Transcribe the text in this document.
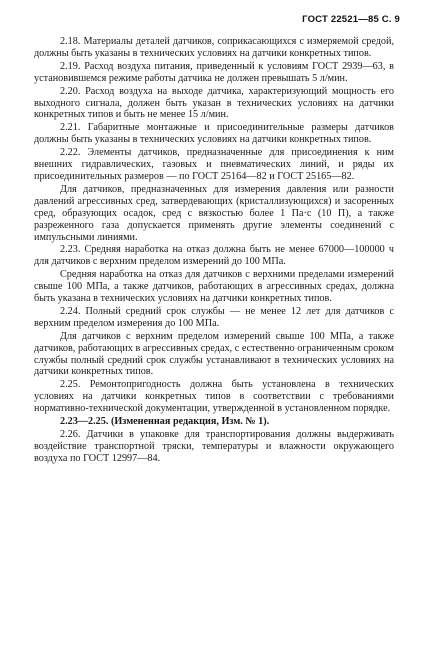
ГОСТ 22521—85 С. 9

2.18. Материалы деталей датчиков, соприкасающихся с измеряемой средой, должны быть указаны в технических условиях на датчики конкретных типов.

2.19. Расход воздуха питания, приведенный к условиям ГОСТ 2939—63, в установившемся режиме работы датчика не должен превышать 5 л/мин.

2.20. Расход воздуха на выходе датчика, характеризующий мощность его выходного сигнала, должен быть указан в технических условиях на датчики конкретных типов и быть не менее 15 л/мин.

2.21. Габаритные монтажные и присоединительные размеры датчиков должны быть указаны в технических условиях на датчики конкретных типов.

2.22. Элементы датчиков, предназначенные для присоединения к ним внешних гидравлических, газовых и пневматических линий, и ряды их присоединительных размеров — по ГОСТ 25164—82 и ГОСТ 25165—82.

Для датчиков, предназначенных для измерения давления или разности давлений агрессивных сред, затвердевающих (кристаллизующихся) и засоренных сред, образующих осадок, сред с вязкостью более 1 Па·с (10 П), а также разреженного газа допускается применять другие элементы соединений с импульсными линиями.

2.23. Средняя наработка на отказ должна быть не менее 67000—100000 ч для датчиков с верхним пределом измерений до 100 МПа.

Средняя наработка на отказ для датчиков с верхними пределами измерений свыше 100 МПа, а также датчиков, работающих в агрессивных средах, должна быть указана в технических условиях на датчики конкретных типов.

2.24. Полный средний срок службы — не менее 12 лет для датчиков с верхним пределом измерения до 100 МПа.

Для датчиков с верхним пределом измерений свыше 100 МПа, а также датчиков, работающих в агрессивных средах, с естественно ограниченным сроком службы полный средний срок службы устанавливают в технических условиях на датчики конкретных типов.

2.25. Ремонтопригодность должна быть установлена в технических условиях на датчики конкретных типов в соответствии с требованиями нормативно-технической документации, утвержденной в установленном порядке.

2.23—2.25. (Измененная редакция, Изм. № 1).

2.26. Датчики в упаковке для транспортирования должны выдерживать воздействие транспортной тряски, температуры и влажности окружающего воздуха по ГОСТ 12997—84.
